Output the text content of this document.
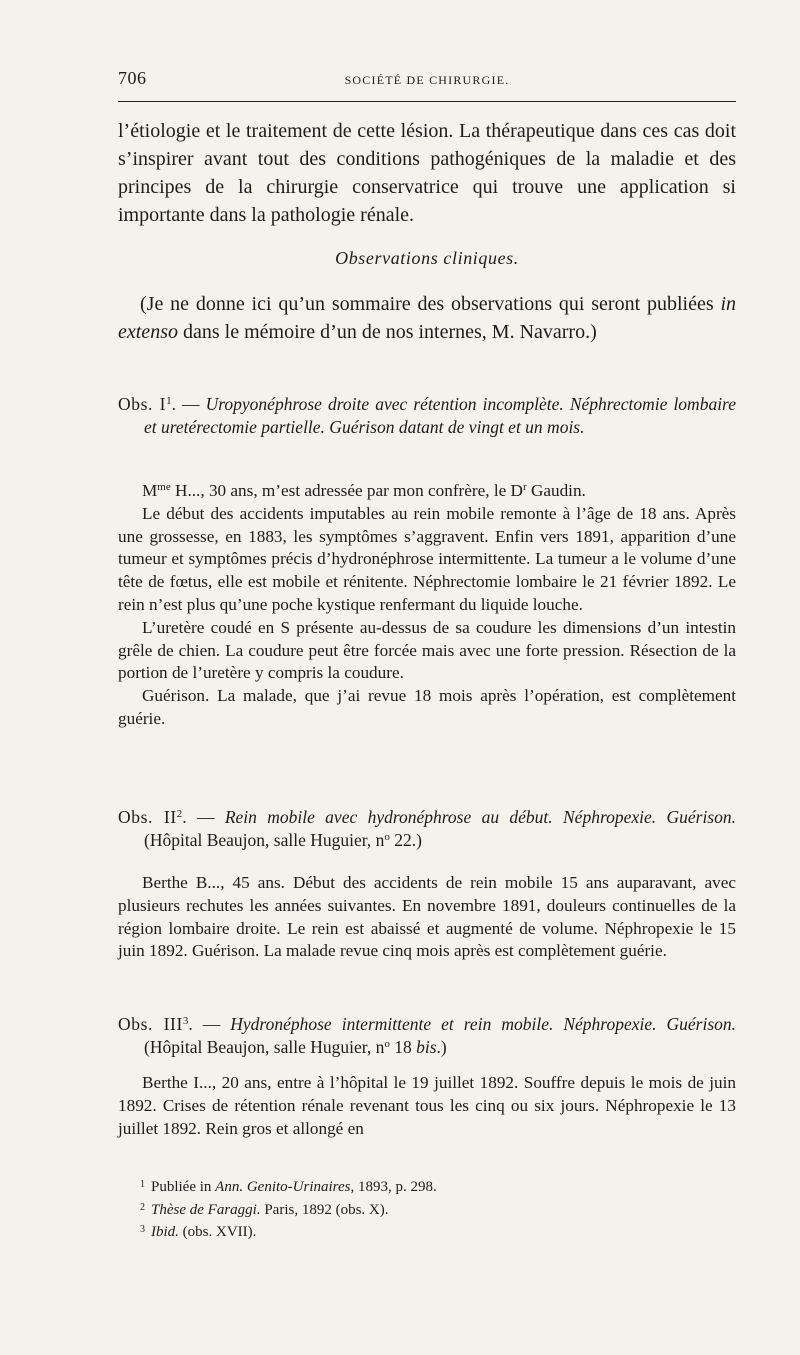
706	SOCIÉTÉ DE CHIRURGIE.
l’étiologie et le traitement de cette lésion. La thérapeutique dans ces cas doit s’inspirer avant tout des conditions pathogéniques de la maladie et des principes de la chirurgie conservatrice qui trouve une application si importante dans la pathologie rénale.
Observations cliniques.
(Je ne donne ici qu’un sommaire des observations qui seront publiées in extenso dans le mémoire d’un de nos internes, M. Navarro.)
Obs. I$^1$. — Uropyonéphrose droite avec rétention incomplète. Néphrectomie lombaire et uretérectomie partielle. Guérison datant de vingt et un mois.

$M^{me}$ H..., 30 ans, m’est adressée par mon confrère, le $D^r$ Gaudin.

Le début des accidents imputables au rein mobile remonte à l’âge de 18 ans. Après une grossesse, en 1883, les symptômes s’aggravent. Enfin vers 1891, apparition d’une tumeur et symptômes précis d’hydronéphrose intermittente. La tumeur a le volume d’une tête de fœtus, elle est mobile et rénitente. Néphrectomie lombaire le 21 février 1892. Le rein n’est plus qu’une poche kystique renfermant du liquide louche.

L’uretère coudé en S présente au-dessus de sa coudure les dimensions d’un intestin grêle de chien. La coudure peut être forcée mais avec une forte pression. Résection de la portion de l’uretère y compris la coudure.

Guérison. La malade, que j’ai revue 18 mois après l’opération, est complètement guérie.

Obs. II$^2$. — Rein mobile avec hydronéphrose au début. Néphropexie. Guérison. (Hôpital Beaujon, salle Huguier, $n^o$ 22.)

Berthe B..., 45 ans. Début des accidents de rein mobile 15 ans auparavant, avec plusieurs rechutes les années suivantes. En novembre 1891, douleurs continuelles de la région lombaire droite. Le rein est abaissé et augmenté de volume. Néphropexie le 15 juin 1892. Guérison. La malade revue cinq mois après est complètement guérie.

Obs. III$^3$. — Hydronéphose intermittente et rein mobile. Néphropexie. Guérison. (Hôpital Beaujon, salle Huguier, $n^o$ 18 bis.)

Berthe I..., 20 ans, entre à l’hôpital le 19 juillet 1892. Souffre depuis le mois de juin 1892. Crises de rétention rénale revenant tous les cinq ou six jours. Néphropexie le 13 juillet 1892. Rein gros et allongé en

$^1$ Publiée in Ann. Genito-Urinaires, 1893, p. 298.
$^2$ Thèse de Faraggi. Paris, 1892 (obs. X).
$^3$ Ibid. (obs. XVII).
